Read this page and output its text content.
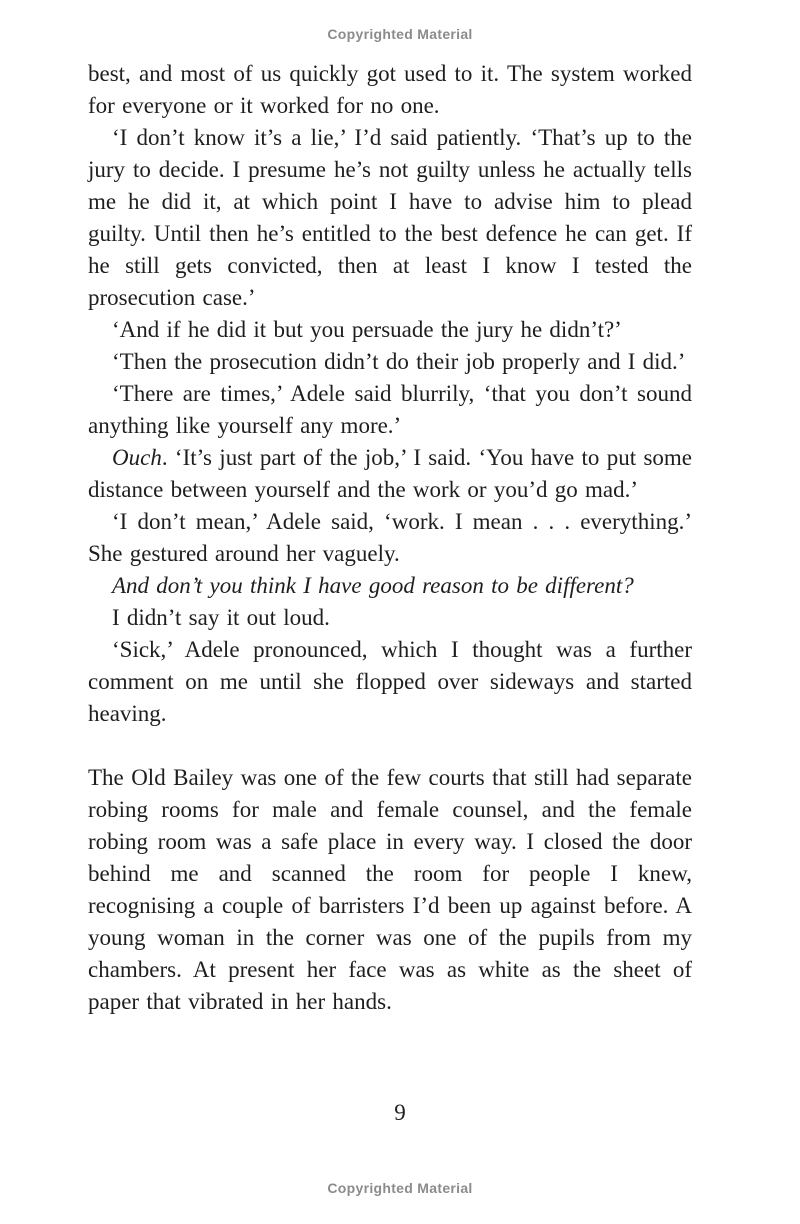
Copyrighted Material

best, and most of us quickly got used to it. The system worked for everyone or it worked for no one.

‘I don’t know it’s a lie,’ I’d said patiently. ‘That’s up to the jury to decide. I presume he’s not guilty unless he actually tells me he did it, at which point I have to advise him to plead guilty. Until then he’s entitled to the best defence he can get. If he still gets convicted, then at least I know I tested the prosecution case.’

‘And if he did it but you persuade the jury he didn’t?’

‘Then the prosecution didn’t do their job properly and I did.’

‘There are times,’ Adele said blurrily, ‘that you don’t sound anything like yourself any more.’

Ouch. ‘It’s just part of the job,’ I said. ‘You have to put some distance between yourself and the work or you’d go mad.’

‘I don’t mean,’ Adele said, ‘work. I mean . . . everything.’ She gestured around her vaguely.

And don’t you think I have good reason to be different?

I didn’t say it out loud.

‘Sick,’ Adele pronounced, which I thought was a further comment on me until she flopped over sideways and started heaving.

The Old Bailey was one of the few courts that still had separate robing rooms for male and female counsel, and the female robing room was a safe place in every way. I closed the door behind me and scanned the room for people I knew, recognising a couple of barristers I’d been up against before. A young woman in the corner was one of the pupils from my chambers. At present her face was as white as the sheet of paper that vibrated in her hands.

9
Copyrighted Material
